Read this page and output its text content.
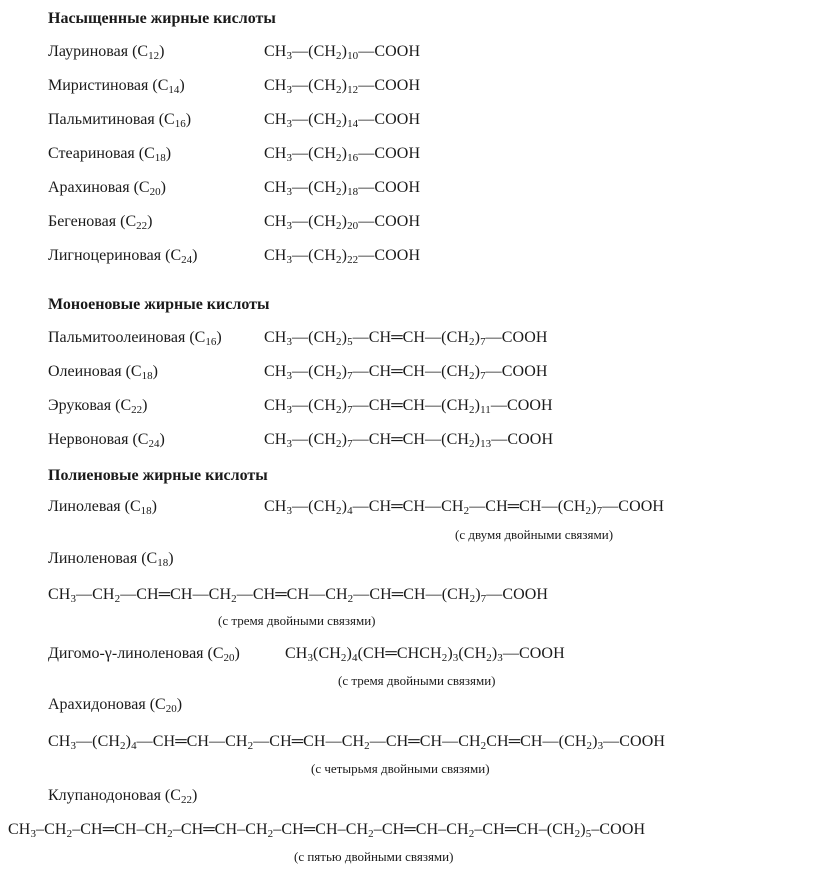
Насыщенные жирные кислоты
Моноеновые жирные кислоты
Полиеновые жирные кислоты
Лауриновая $(C_{12})$	$CH_3—(CH_2)_{10}—COOH$
Миристиновая $(C_{14})$	$CH_3—(CH_2)_{12}—COOH$
Пальмитиновая $(C_{16})$	$CH_3—(CH_2)_{14}—COOH$
Стеариновая $(C_{18})$	$CH_3—(CH_2)_{16}—COOH$
Арахиновая $(C_{20})$	$CH_3—(CH_2)_{18}—COOH$
Бегеновая $(C_{22})$	$CH_3—(CH_2)_{20}—COOH$
Лигноцериновая $(C_{24})$	$CH_3—(CH_2)_{22}—COOH$
Пальмитоолеиновая $(C_{16})$	$CH_3—(CH_2)_5—CH═CH—(CH_2)_7—COOH$
Олеиновая $(C_{18})$	$CH_3—(CH_2)_7—CH═CH—(CH_2)_7—COOH$
Эруковая $(C_{22})$	$CH_3—(CH_2)_7—CH═CH—(CH_2)_{11}—COOH$
Нервоновая $(C_{24})$	$CH_3—(CH_2)_7—CH═CH—(CH_2)_{13}—COOH$
Линолевая $(C_{18})$	$CH_3—(CH_2)_4—CH═CH—CH_2—CH═CH—(CH_2)_7—COOH$
(с двумя двойными связями)
Линоленовая $(C_{18})$
$CH_3—CH_2—CH═CH—CH_2—CH═CH—CH_2—CH═CH—(CH_2)_7—COOH$
(с тремя двойными связями)
Дигомо-γ-линоленовая $(C_{20})$	$CH_3(CH_2)_4(CH═CHCH_2)_3(CH_2)_3—COOH$
(с тремя двойными связями)
Арахидоновая $(C_{20})$
$CH_3—(CH_2)_4—CH═CH—CH_2—CH═CH—CH_2—CH═CH—CH_2CH═CH—(CH_2)_3—COOH$
(с четырьмя двойными связями)
Клупанодоновая $(C_{22})$
$CH_3-CH_2-CH═CH-CH_2-CH═CH-CH_2-CH═CH-CH_2-CH═CH-CH_2-CH═CH-(CH_2)_5$–COOH
(с пятью двойными связями)
